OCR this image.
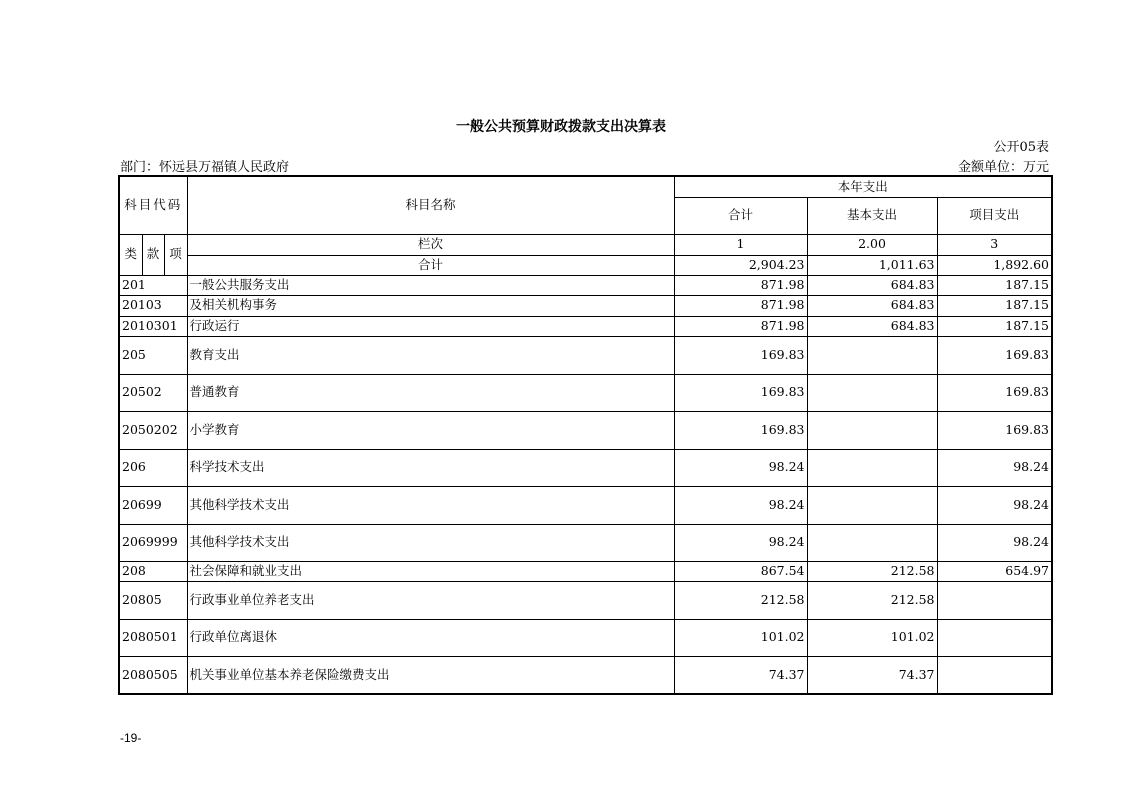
一般公共预算财政拨款支出决算表
公开05表
部门：怀远县万福镇人民政府	金额单位：万元
科目代码			科目名称	本年支出		
				合计	基本支出	项目支出
类	款	项	栏次	1	2.00	3
			合计	2,904.23	1,011.63	1,892.60
201			一般公共服务支出	871.98	684.83	187.15
20103			及相关机构事务	871.98	684.83	187.15
2010301			行政运行	871.98	684.83	187.15
205			教育支出	169.83		169.83
20502			普通教育	169.83		169.83
2050202			小学教育	169.83		169.83
206			科学技术支出	98.24		98.24
20699			其他科学技术支出	98.24		98.24
2069999			其他科学技术支出	98.24		98.24
208			社会保障和就业支出	867.54	212.58	654.97
20805			行政事业单位养老支出	212.58	212.58	
2080501			行政单位离退休	101.02	101.02	
2080505			机关事业单位基本养老保险缴费支出	74.37	74.37	
-19-
